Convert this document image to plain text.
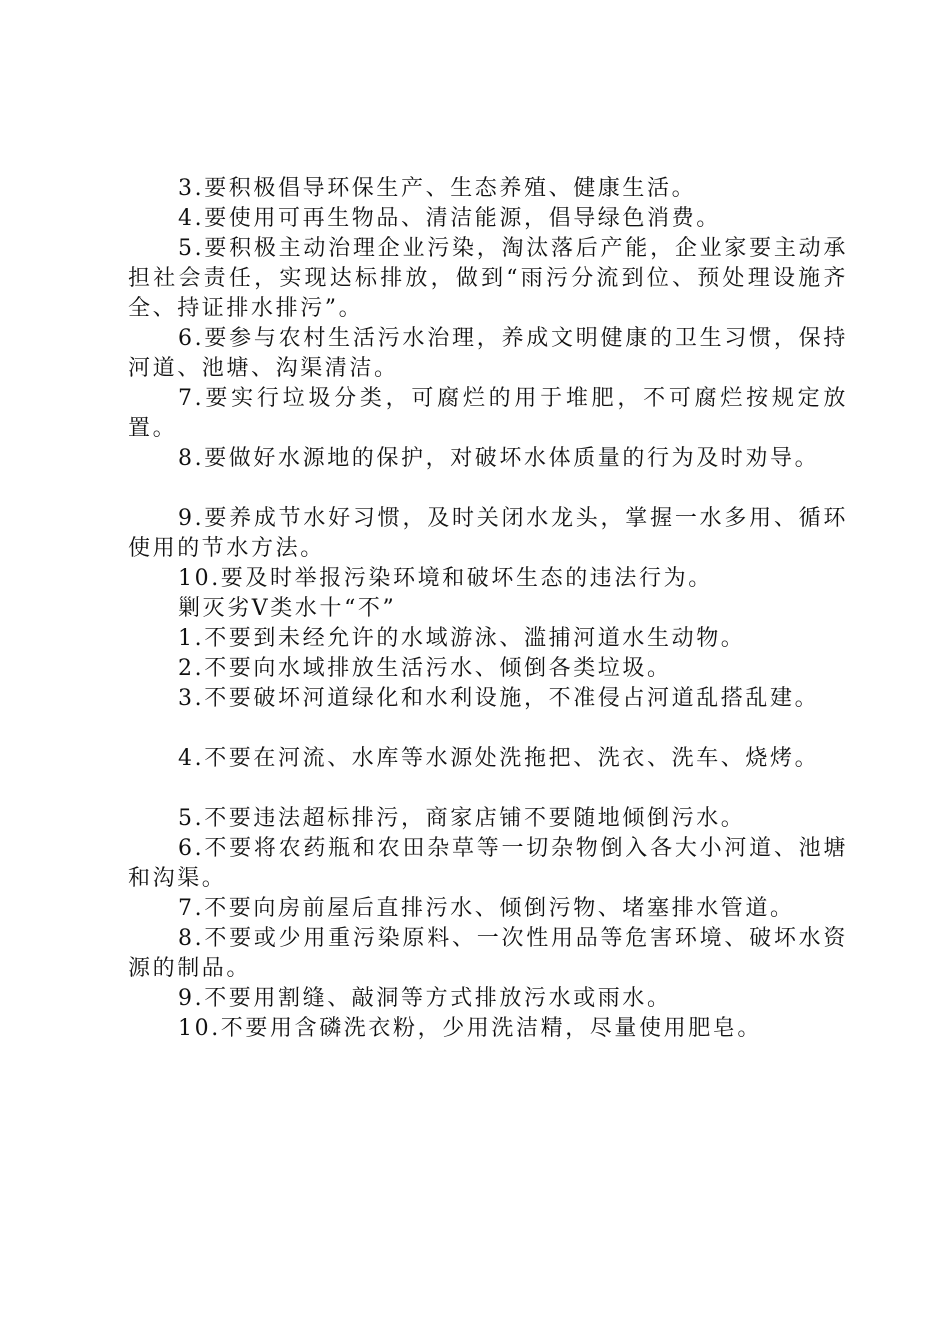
3.要积极倡导环保生产、生态养殖、健康生活。

4.要使用可再生物品、清洁能源，倡导绿色消费。

5.要积极主动治理企业污染，淘汰落后产能，企业家要主动承担社会责任，实现达标排放，做到“雨污分流到位、预处理设施齐全、持证排水排污”。

6.要参与农村生活污水治理，养成文明健康的卫生习惯，保持河道、池塘、沟渠清洁。

7.要实行垃圾分类，可腐烂的用于堆肥，不可腐烂按规定放置。

8.要做好水源地的保护，对破坏水体质量的行为及时劝导。

9.要养成节水好习惯，及时关闭水龙头，掌握一水多用、循环使用的节水方法。

10.要及时举报污染环境和破坏生态的违法行为。

剿灭劣V类水十“不”

1.不要到未经允许的水域游泳、滥捕河道水生动物。

2.不要向水域排放生活污水、倾倒各类垃圾。

3.不要破坏河道绿化和水利设施，不准侵占河道乱搭乱建。

4.不要在河流、水库等水源处洗拖把、洗衣、洗车、烧烤。

5.不要违法超标排污，商家店铺不要随地倾倒污水。

6.不要将农药瓶和农田杂草等一切杂物倒入各大小河道、池塘和沟渠。

7.不要向房前屋后直排污水、倾倒污物、堵塞排水管道。

8.不要或少用重污染原料、一次性用品等危害环境、破坏水资源的制品。

9.不要用割缝、敲洞等方式排放污水或雨水。

10.不要用含磷洗衣粉，少用洗洁精，尽量使用肥皂。
